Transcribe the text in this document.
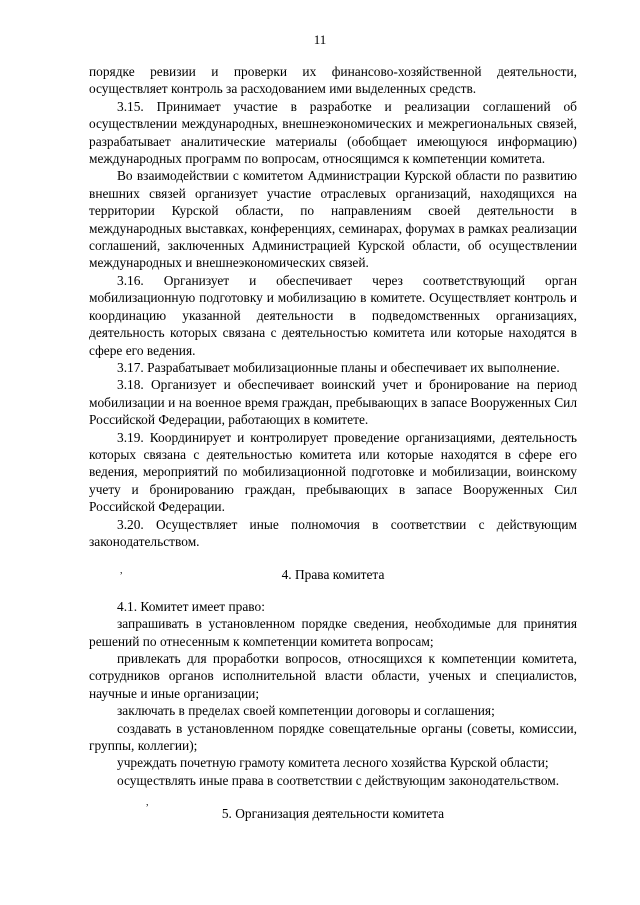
11

порядке ревизии и проверки их финансово-хозяйственной деятельности, осуществляет контроль за расходованием ими выделенных средств.

3.15. Принимает участие в разработке и реализации соглашений об осуществлении международных, внешнеэкономических и межрегиональных связей, разрабатывает аналитические материалы (обобщает имеющуюся информацию) международных программ по вопросам, относящимся к компетенции комитета.

Во взаимодействии с комитетом Администрации Курской области по развитию внешних связей организует участие отраслевых организаций, находящихся на территории Курской области, по направлениям своей деятельности в международных выставках, конференциях, семинарах, форумах в рамках реализации соглашений, заключенных Администрацией Курской области, об осуществлении международных и внешнеэкономических связей.

3.16. Организует и обеспечивает через соответствующий орган мобилизационную подготовку и мобилизацию в комитете. Осуществляет контроль и координацию указанной деятельности в подведомственных организациях, деятельность которых связана с деятельностью комитета или которые находятся в сфере его ведения.

3.17. Разрабатывает мобилизационные планы и обеспечивает их выполнение.

3.18. Организует и обеспечивает воинский учет и бронирование на период мобилизации и на военное время граждан, пребывающих в запасе Вооруженных Сил Российской Федерации, работающих в комитете.

3.19. Координирует и контролирует проведение организациями, деятельность которых связана с деятельностью комитета или которые находятся в сфере его ведения, мероприятий по мобилизационной подготовке и мобилизации, воинскому учету и бронированию граждан, пребывающих в запасе Вооруженных Сил Российской Федерации.

3.20. Осуществляет иные полномочия в соответствии с действующим законодательством.

4. Права комитета

4.1. Комитет имеет право:

запрашивать в установленном порядке сведения, необходимые для принятия решений по отнесенным к компетенции комитета вопросам;

привлекать для проработки вопросов, относящихся к компетенции комитета, сотрудников органов исполнительной власти области, ученых и специалистов, научные и иные организации;

заключать в пределах своей компетенции договоры и соглашения;

создавать в установленном порядке совещательные органы (советы, комиссии, группы, коллегии);

учреждать почетную грамоту комитета лесного хозяйства Курской области;

осуществлять иные права в соответствии с действующим законодательством.

5. Организация деятельности комитета

,
,
